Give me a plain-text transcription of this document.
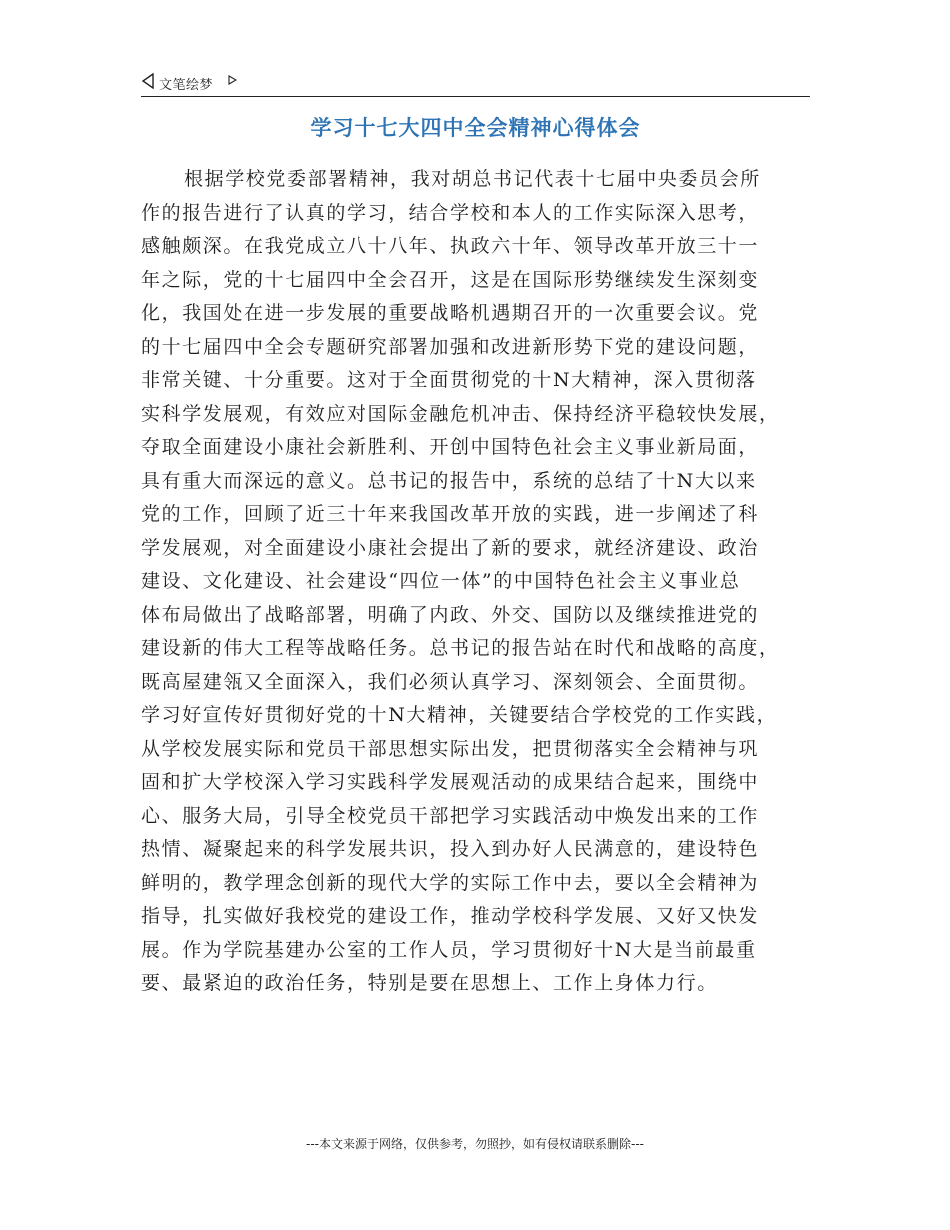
文笔绘梦
学习十七大四中全会精神心得体会
根据学校党委部署精神，我对胡总书记代表十七届中央委员会所
作的报告进行了认真的学习，结合学校和本人的工作实际深入思考，
感触颇深。在我党成立八十八年、执政六十年、领导改革开放三十一
年之际，党的十七届四中全会召开，这是在国际形势继续发生深刻变
化，我国处在进一步发展的重要战略机遇期召开的一次重要会议。党
的十七届四中全会专题研究部署加强和改进新形势下党的建设问题，
非常关键、十分重要。这对于全面贯彻党的十N大精神，深入贯彻落
实科学发展观，有效应对国际金融危机冲击、保持经济平稳较快发展，
夺取全面建设小康社会新胜利、开创中国特色社会主义事业新局面，
具有重大而深远的意义。总书记的报告中，系统的总结了十N大以来
党的工作，回顾了近三十年来我国改革开放的实践，进一步阐述了科
学发展观，对全面建设小康社会提出了新的要求，就经济建设、政治
建设、文化建设、社会建设“四位一体”的中国特色社会主义事业总
体布局做出了战略部署，明确了内政、外交、国防以及继续推进党的
建设新的伟大工程等战略任务。总书记的报告站在时代和战略的高度，
既高屋建瓴又全面深入，我们必须认真学习、深刻领会、全面贯彻。
学习好宣传好贯彻好党的十N大精神，关键要结合学校党的工作实践，
从学校发展实际和党员干部思想实际出发，把贯彻落实全会精神与巩
固和扩大学校深入学习实践科学发展观活动的成果结合起来，围绕中
心、服务大局，引导全校党员干部把学习实践活动中焕发出来的工作
热情、凝聚起来的科学发展共识，投入到办好人民满意的，建设特色
鲜明的，教学理念创新的现代大学的实际工作中去，要以全会精神为
指导，扎实做好我校党的建设工作，推动学校科学发展、又好又快发
展。作为学院基建办公室的工作人员，学习贯彻好十N大是当前最重
要、最紧迫的政治任务，特别是要在思想上、工作上身体力行。
---本文来源于网络，仅供参考，勿照抄，如有侵权请联系删除---
